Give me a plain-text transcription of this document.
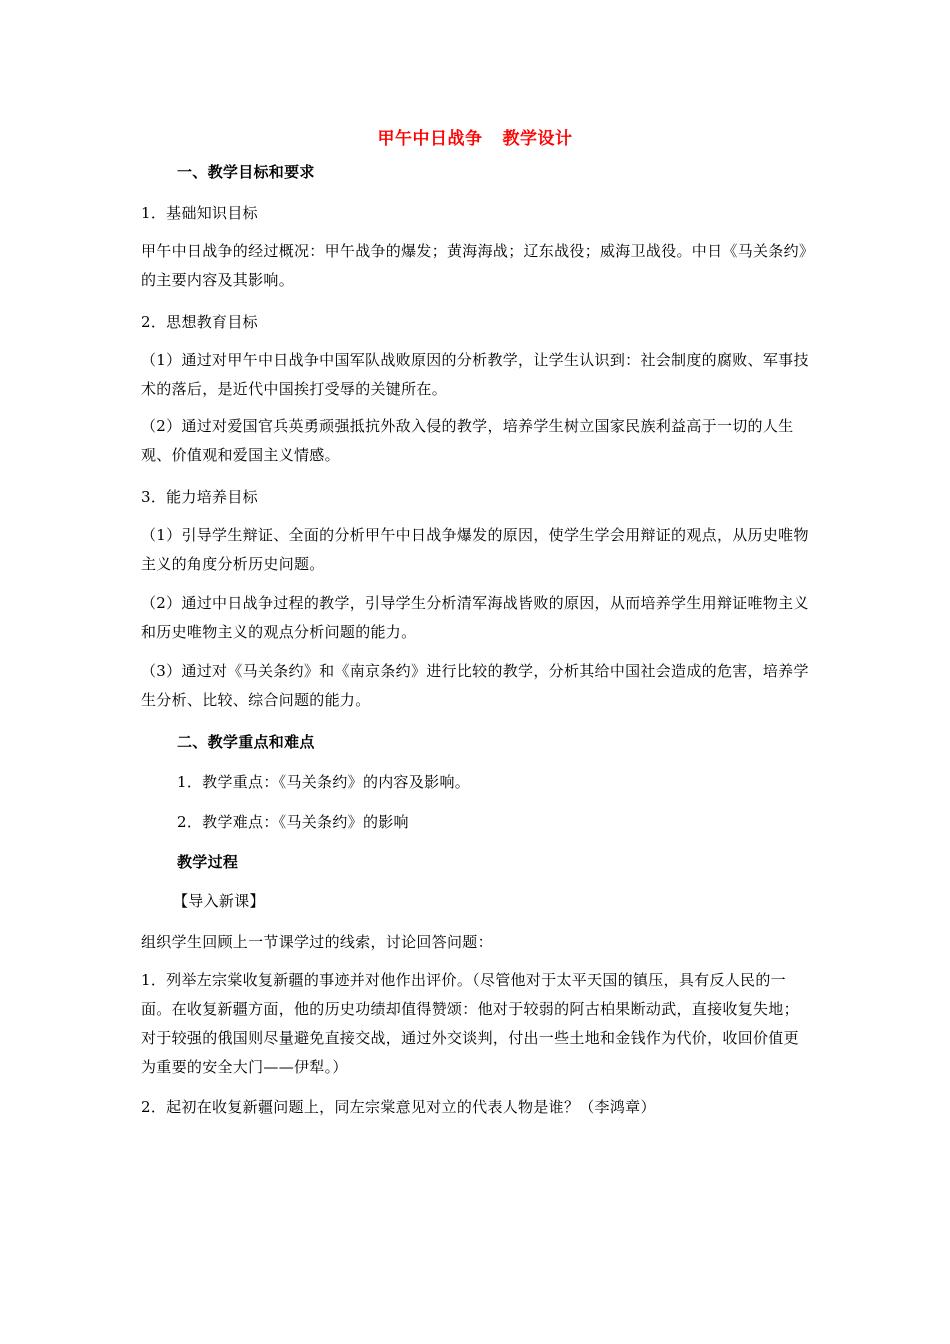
甲午中日战争 教学设计
一、教学目标和要求
1．基础知识目标
甲午中日战争的经过概况：甲午战争的爆发；黄海海战；辽东战役；威海卫战役。中日《马关条约》的主要内容及其影响。
2．思想教育目标
（1）通过对甲午中日战争中国军队战败原因的分析教学，让学生认识到：社会制度的腐败、军事技术的落后，是近代中国挨打受辱的关键所在。
（2）通过对爱国官兵英勇顽强抵抗外敌入侵的教学，培养学生树立国家民族利益高于一切的人生观、价值观和爱国主义情感。
3．能力培养目标
（1）引导学生辩证、全面的分析甲午中日战争爆发的原因，使学生学会用辩证的观点，从历史唯物主义的角度分析历史问题。
（2）通过中日战争过程的教学，引导学生分析清军海战皆败的原因，从而培养学生用辩证唯物主义和历史唯物主义的观点分析问题的能力。
（3）通过对《马关条约》和《南京条约》进行比较的教学，分析其给中国社会造成的危害，培养学生分析、比较、综合问题的能力。
二、教学重点和难点
1．教学重点：《马关条约》的内容及影响。
2．教学难点：《马关条约》的影响
教学过程
【导入新课】
组织学生回顾上一节课学过的线索，讨论回答问题：
1．列举左宗棠收复新疆的事迹并对他作出评价。（尽管他对于太平天国的镇压，具有反人民的一面。在收复新疆方面，他的历史功绩却值得赞颂：他对于较弱的阿古柏果断动武，直接收复失地；对于较强的俄国则尽量避免直接交战，通过外交谈判，付出一些土地和金钱作为代价，收回价值更为重要的安全大门——伊犁。）
2．起初在收复新疆问题上，同左宗棠意见对立的代表人物是谁？（李鸿章）
